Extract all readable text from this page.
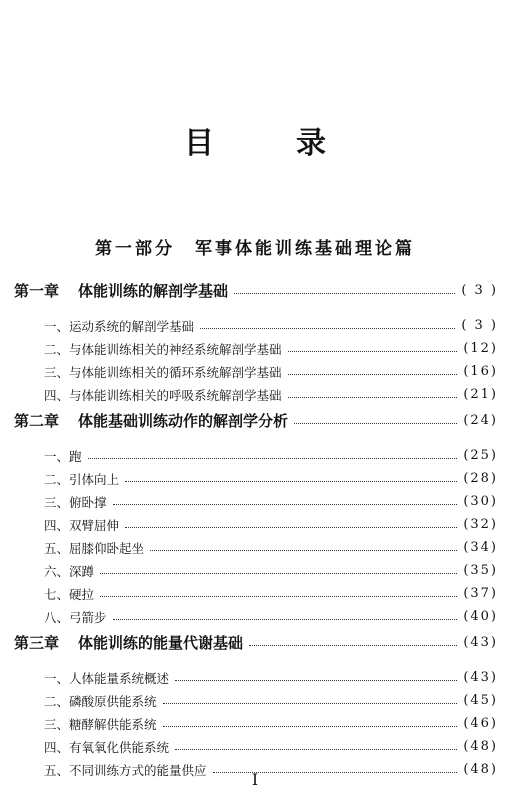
目　录
第一部分　军事体能训练基础理论篇
第一章	体能训练的解剖学基础	( 3 )
一、运动系统的解剖学基础	( 3 )
二、与体能训练相关的神经系统解剖学基础	(12)
三、与体能训练相关的循环系统解剖学基础	(16)
四、与体能训练相关的呼吸系统解剖学基础	(21)
第二章	体能基础训练动作的解剖学分析	(24)
一、跑	(25)
二、引体向上	(28)
三、俯卧撑	(30)
四、双臂屈伸	(32)
五、屈膝仰卧起坐	(34)
六、深蹲	(35)
七、硬拉	(37)
八、弓箭步	(40)
第三章	体能训练的能量代谢基础	(43)
一、人体能量系统概述	(43)
二、磷酸原供能系统	(45)
三、糖酵解供能系统	(46)
四、有氧氧化供能系统	(48)
五、不同训练方式的能量供应	(48)
I
